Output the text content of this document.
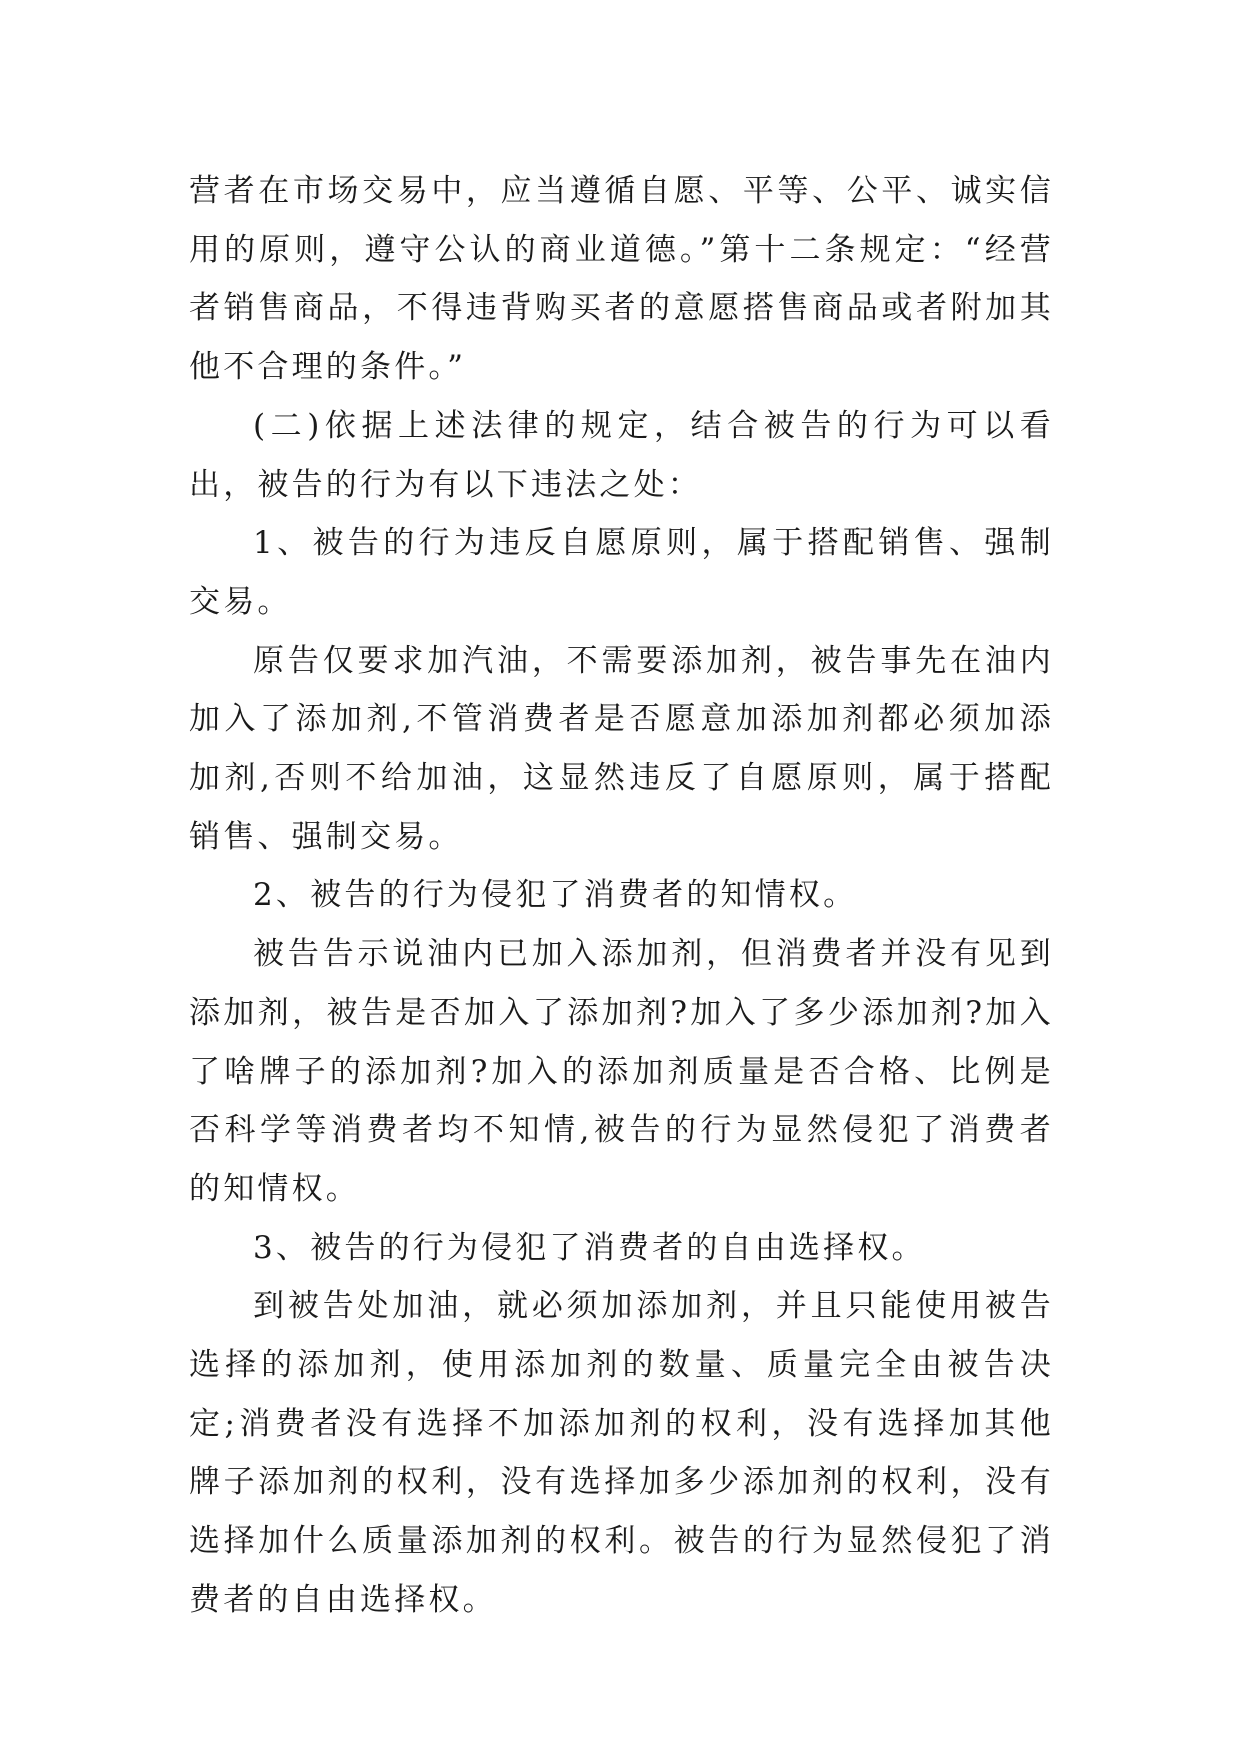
营者在市场交易中，应当遵循自愿、平等、公平、诚实信用的原则，遵守公认的商业道德。”第十二条规定：“经营者销售商品，不得违背购买者的意愿搭售商品或者附加其他不合理的条件。”

(二)依据上述法律的规定，结合被告的行为可以看出，被告的行为有以下违法之处：

1、被告的行为违反自愿原则，属于搭配销售、强制交易。

原告仅要求加汽油，不需要添加剂，被告事先在油内加入了添加剂,不管消费者是否愿意加添加剂都必须加添加剂,否则不给加油，这显然违反了自愿原则，属于搭配销售、强制交易。

2、被告的行为侵犯了消费者的知情权。

被告告示说油内已加入添加剂，但消费者并没有见到添加剂，被告是否加入了添加剂?加入了多少添加剂?加入了啥牌子的添加剂?加入的添加剂质量是否合格、比例是否科学等消费者均不知情,被告的行为显然侵犯了消费者的知情权。

3、被告的行为侵犯了消费者的自由选择权。

到被告处加油，就必须加添加剂，并且只能使用被告选择的添加剂，使用添加剂的数量、质量完全由被告决定;消费者没有选择不加添加剂的权利，没有选择加其他牌子添加剂的权利，没有选择加多少添加剂的权利，没有选择加什么质量添加剂的权利。被告的行为显然侵犯了消费者的自由选择权。
